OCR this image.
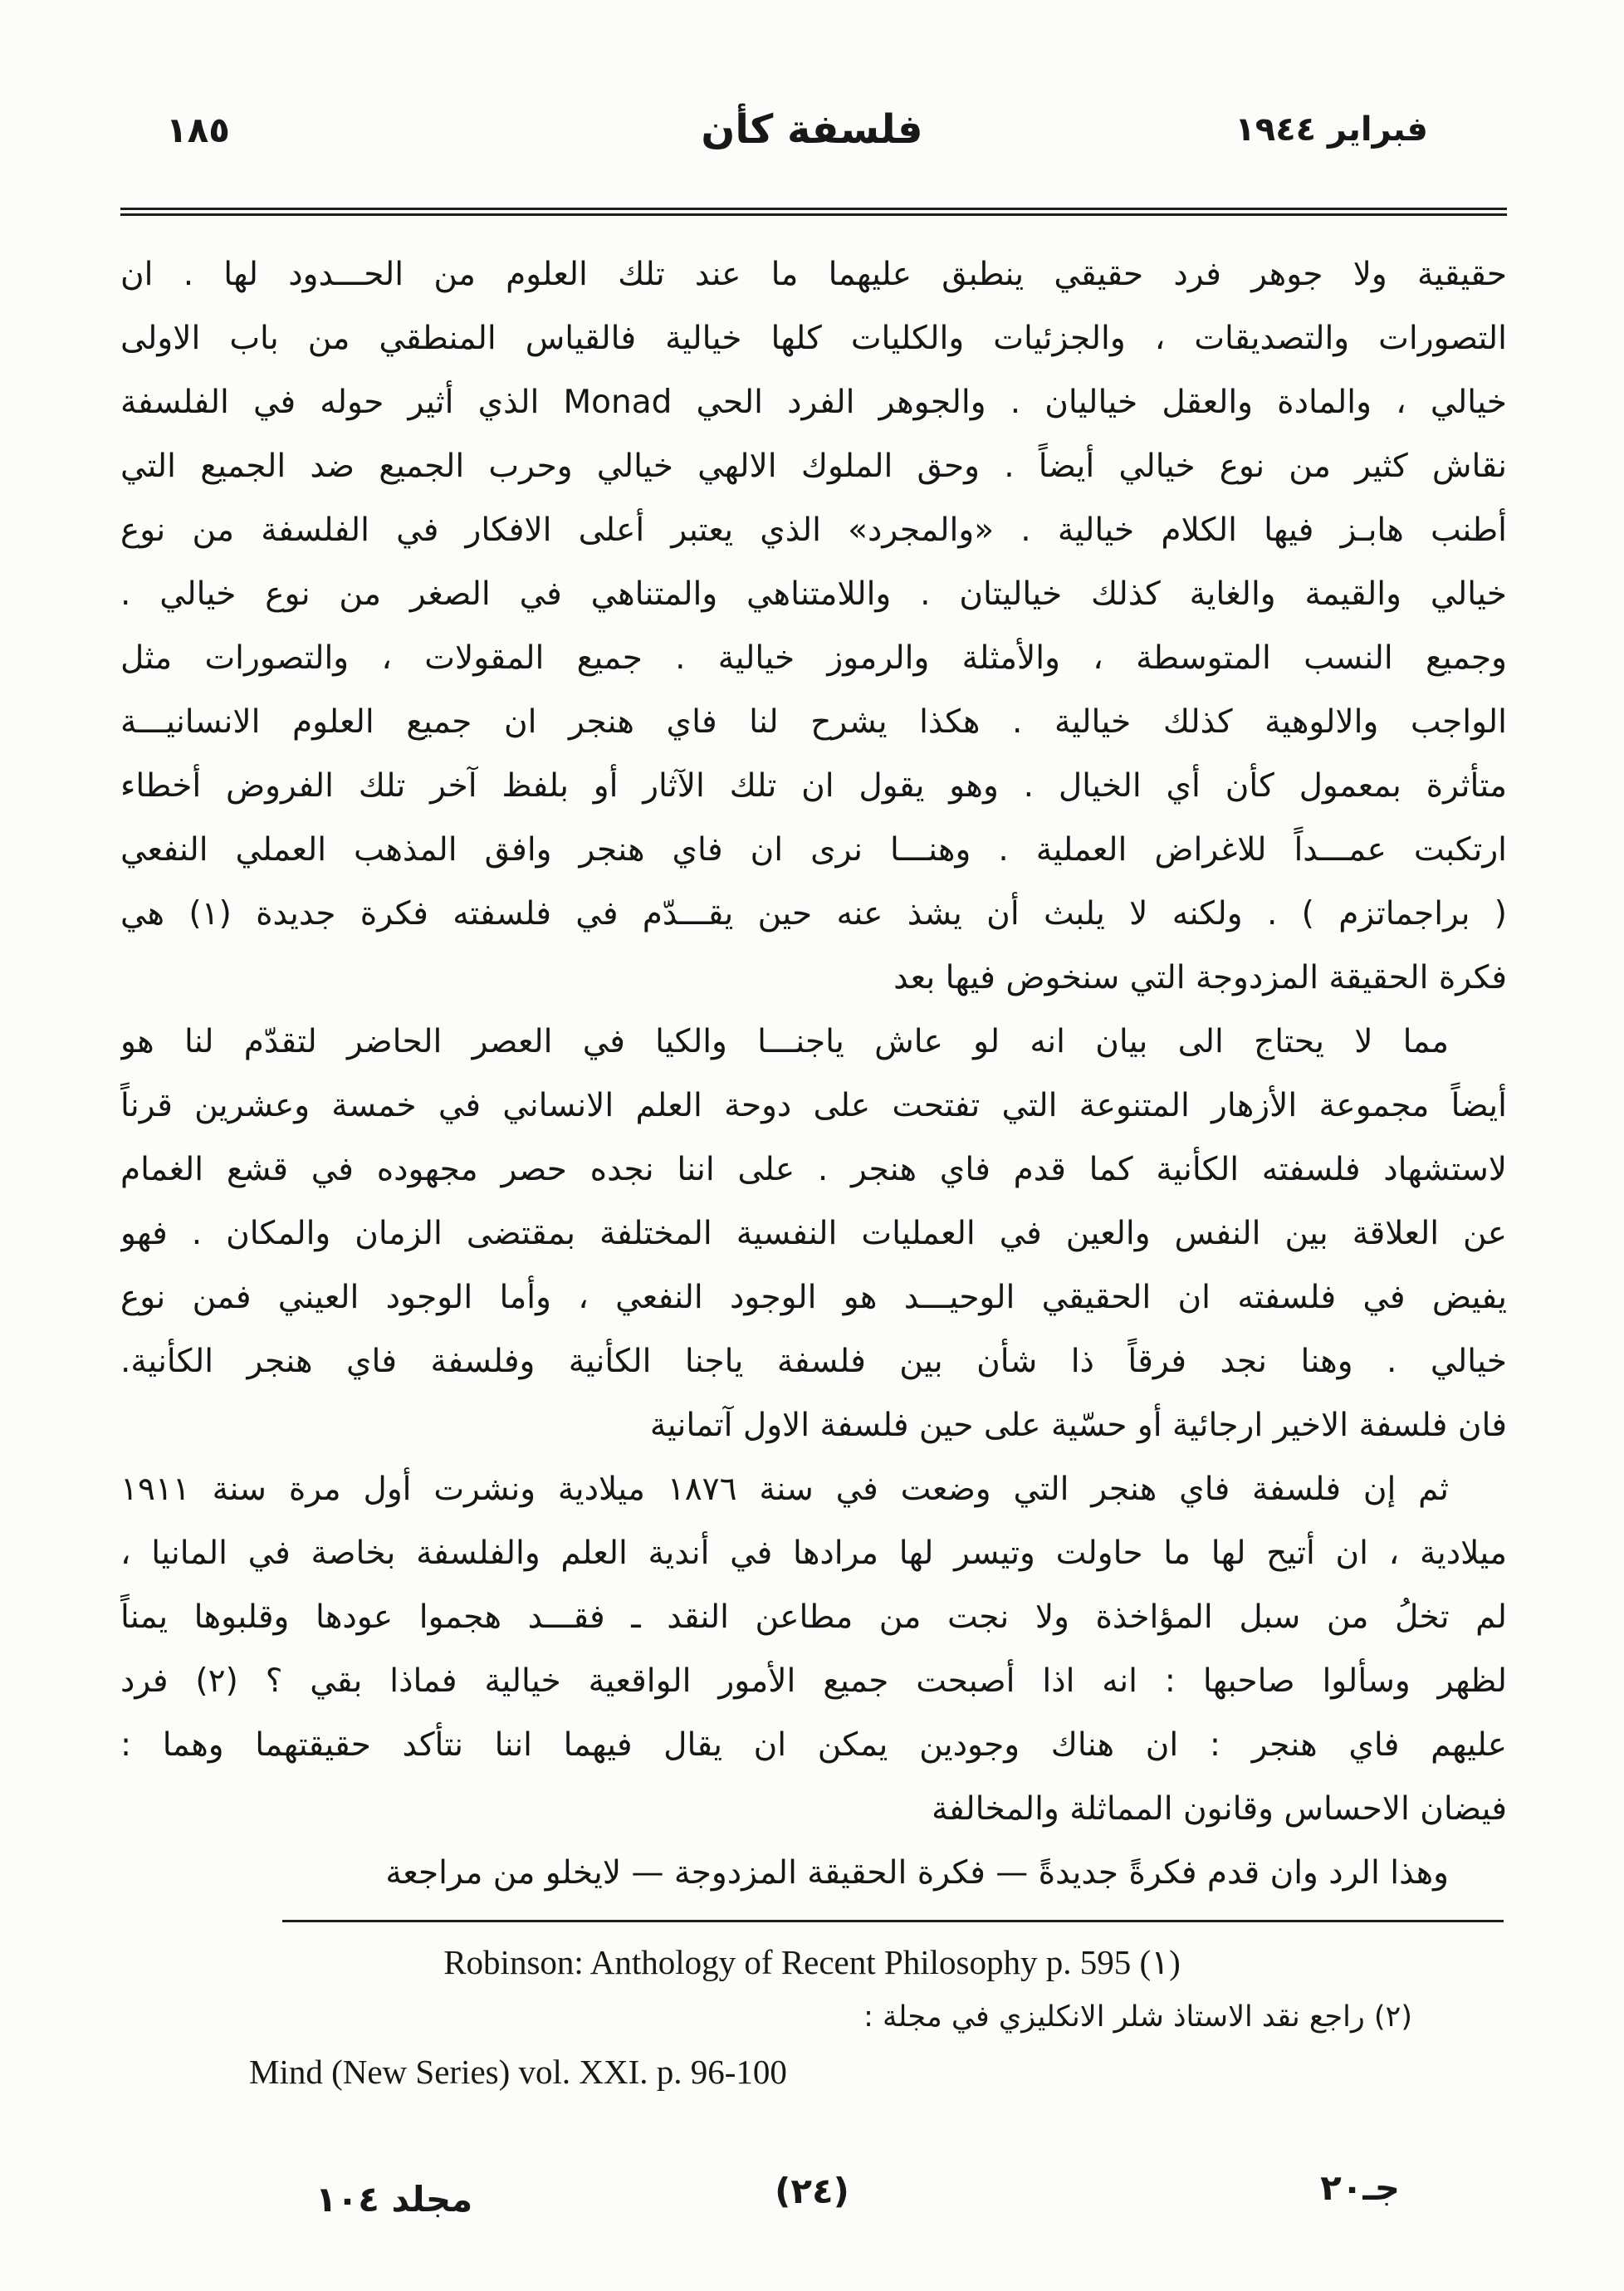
فبراير ١٩٤٤
فلسفة كأن
١٨٥
حقيقية ولا جوهر فرد حقيقي ينطبق عليهما ما عند تلك العلوم من الحـــدود لها . ان
التصورات والتصديقات ، والجزئيات والكليات كلها خيالية فالقياس المنطقي من باب الاولى
خيالي ، والمادة والعقل خياليان . والجوهر الفرد الحي Monad الذي أثير حوله في الفلسفة
نقاش كثير من نوع خيالي أيضاً . وحق الملوك الالهي خيالي وحرب الجميع ضد الجميع التي
أطنب هابـز فيها الكلام خيالية . «والمجرد» الذي يعتبر أعلى الافكار في الفلسفة من نوع
خيالي والقيمة والغاية كذلك خياليتان . واللامتناهي والمتناهي في الصغر من نوع خيالي .
وجميع النسب المتوسطة ، والأمثلة والرموز خيالية . جميع المقولات ، والتصورات مثل
الواجب والالوهية كذلك خيالية . هكذا يشرح لنا فاي هنجر ان جميع العلوم الانسانيـــة
متأثرة بمعمول كأن أي الخيال . وهو يقول ان تلك الآثار أو بلفظ آخر تلك الفروض أخطاء
ارتكبت عمـــداً للاغراض العملية . وهنـــا نرى ان فاي هنجر وافق المذهب العملي النفعي
( براجماتزم ) . ولكنه لا يلبث أن يشذ عنه حين يقـــدّم في فلسفته فكرة جديدة (١) هي
فكرة الحقيقة المزدوجة التي سنخوض فيها بعد
مما لا يحتاج الى بيان انه لو عاش ياجنـــا والكيا في العصر الحاضر لتقدّم لنا هو
أيضاً مجموعة الأزهار المتنوعة التي تفتحت على دوحة العلم الانساني في خمسة وعشرين قرناً
لاستشهاد فلسفته الكأنية كما قدم فاي هنجر . على اننا نجده حصر مجهوده في قشع الغمام
عن العلاقة بين النفس والعين في العمليات النفسية المختلفة بمقتضى الزمان والمكان . فهو
يفيض في فلسفته ان الحقيقي الوحيـــد هو الوجود النفعي ، وأما الوجود العيني فمن نوع
خيالي . وهنا نجد فرقاً ذا شأن بين فلسفة ياجنا الكأنية وفلسفة فاي هنجر الكأنية.
فان فلسفة الاخير ارجائية أو حسّية على حين فلسفة الاول آتمانية
ثم إن فلسفة فاي هنجر التي وضعت في سنة ١٨٧٦ ميلادية ونشرت أول مرة سنة ١٩١١
ميلادية ، ان أتيح لها ما حاولت وتيسر لها مرادها في أندية العلم والفلسفة بخاصة في المانيا ،
لم تخلُ من سبل المؤاخذة ولا نجت من مطاعن النقد ـ فقـــد هجموا عودها وقلبوها يمناً
لظهر وسألوا صاحبها : انه اذا أصبحت جميع الأمور الواقعية خيالية فماذا بقي ؟ (٢) فرد
عليهم فاي هنجر : ان هناك وجودين يمكن ان يقال فيهما اننا نتأكد حقيقتهما وهما :
فيضان الاحساس وقانون المماثلة والمخالفة
وهذا الرد وان قدم فكرةً جديدةً — فكرة الحقيقة المزدوجة — لايخلو من مراجعة
(١) Robinson: Anthology of Recent Philosophy p. 595
(٢) راجع نقد الاستاذ شلر الانكليزي في مجلة :
Mind (New Series) vol. XXI. p. 96-100
جـ٢٠
(٢٤)
مجلد ١٠٤
